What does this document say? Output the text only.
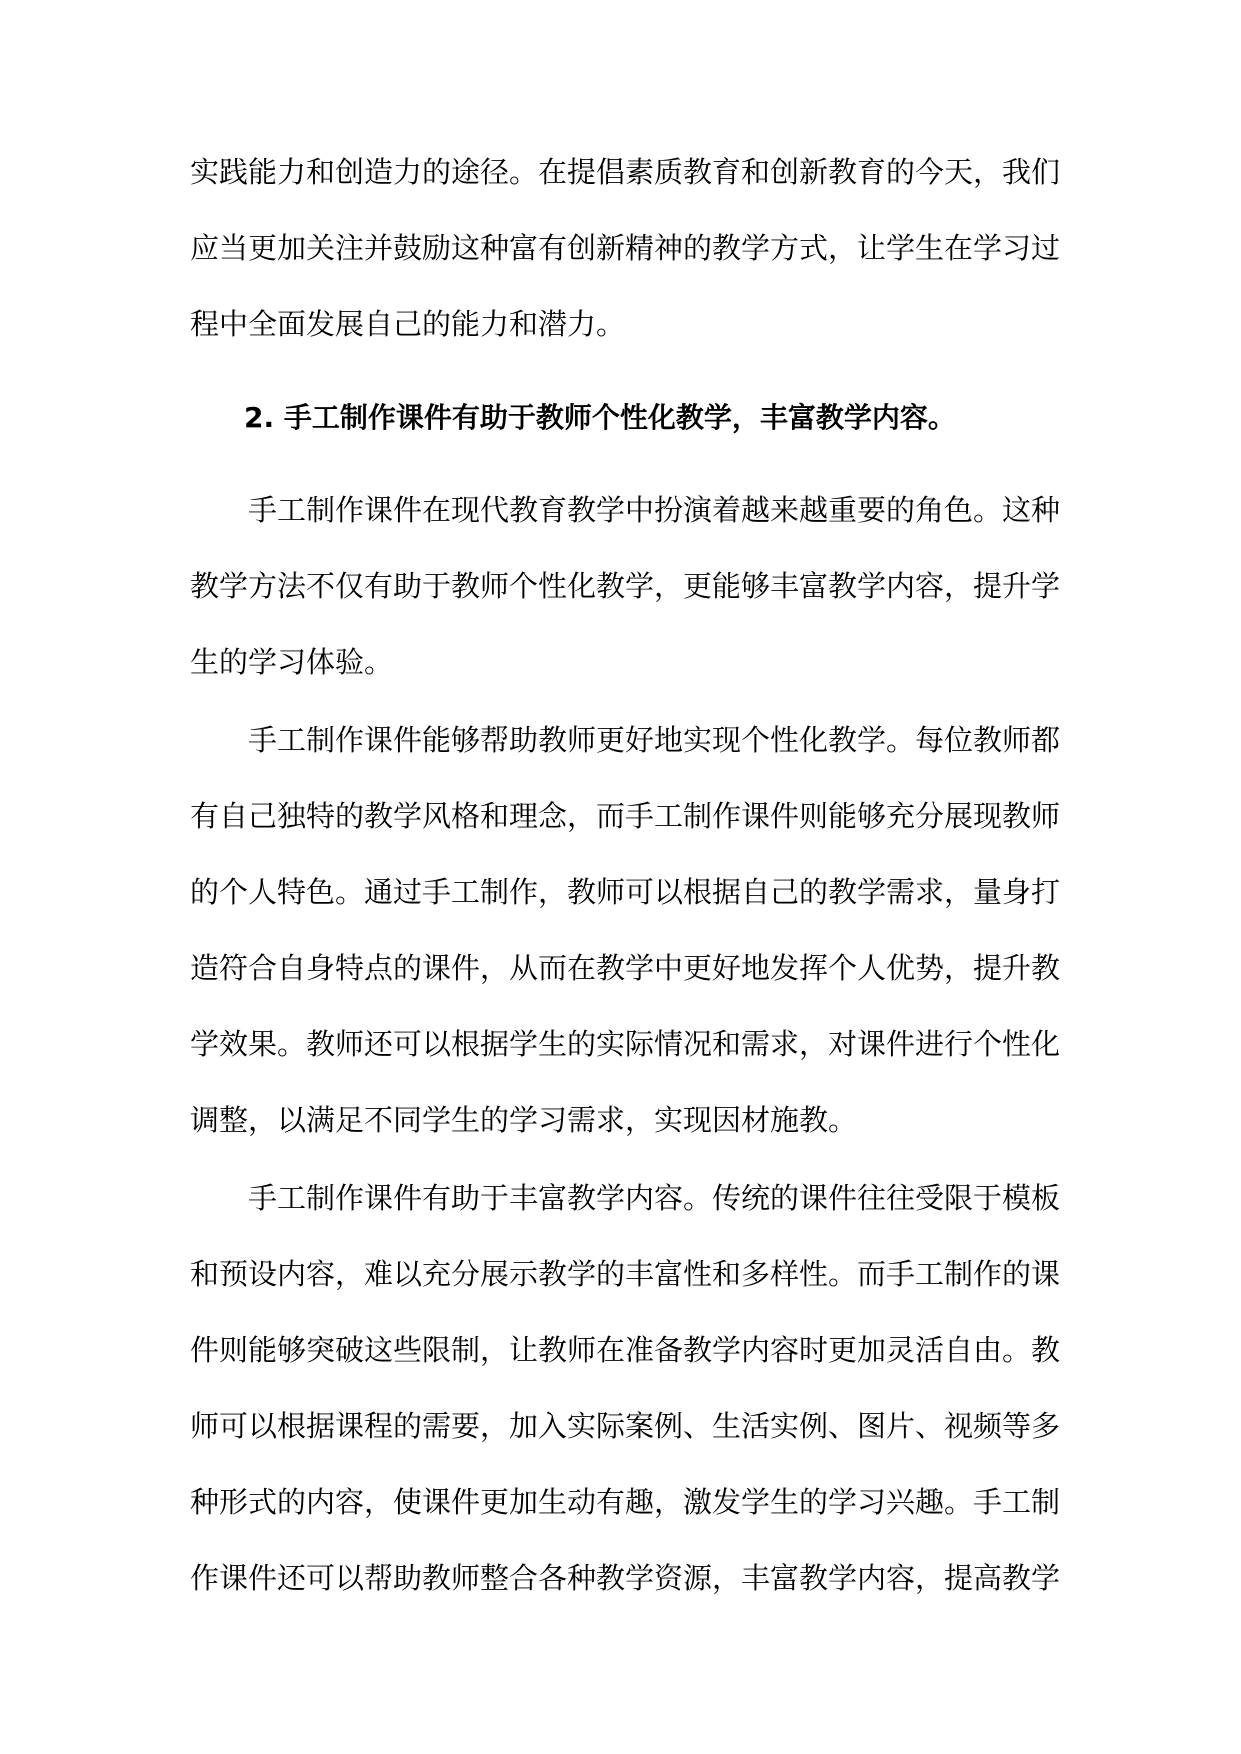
实践能力和创造力的途径。在提倡素质教育和创新教育的今天，我们
应当更加关注并鼓励这种富有创新精神的教学方式，让学生在学习过
程中全面发展自己的能力和潜力。
2. 手工制作课件有助于教师个性化教学，丰富教学内容。
手工制作课件在现代教育教学中扮演着越来越重要的角色。这种
教学方法不仅有助于教师个性化教学，更能够丰富教学内容，提升学
生的学习体验。
手工制作课件能够帮助教师更好地实现个性化教学。每位教师都
有自己独特的教学风格和理念，而手工制作课件则能够充分展现教师
的个人特色。通过手工制作，教师可以根据自己的教学需求，量身打
造符合自身特点的课件，从而在教学中更好地发挥个人优势，提升教
学效果。教师还可以根据学生的实际情况和需求，对课件进行个性化
调整，以满足不同学生的学习需求，实现因材施教。
手工制作课件有助于丰富教学内容。传统的课件往往受限于模板
和预设内容，难以充分展示教学的丰富性和多样性。而手工制作的课
件则能够突破这些限制，让教师在准备教学内容时更加灵活自由。教
师可以根据课程的需要，加入实际案例、生活实例、图片、视频等多
种形式的内容，使课件更加生动有趣，激发学生的学习兴趣。手工制
作课件还可以帮助教师整合各种教学资源，丰富教学内容，提高教学
